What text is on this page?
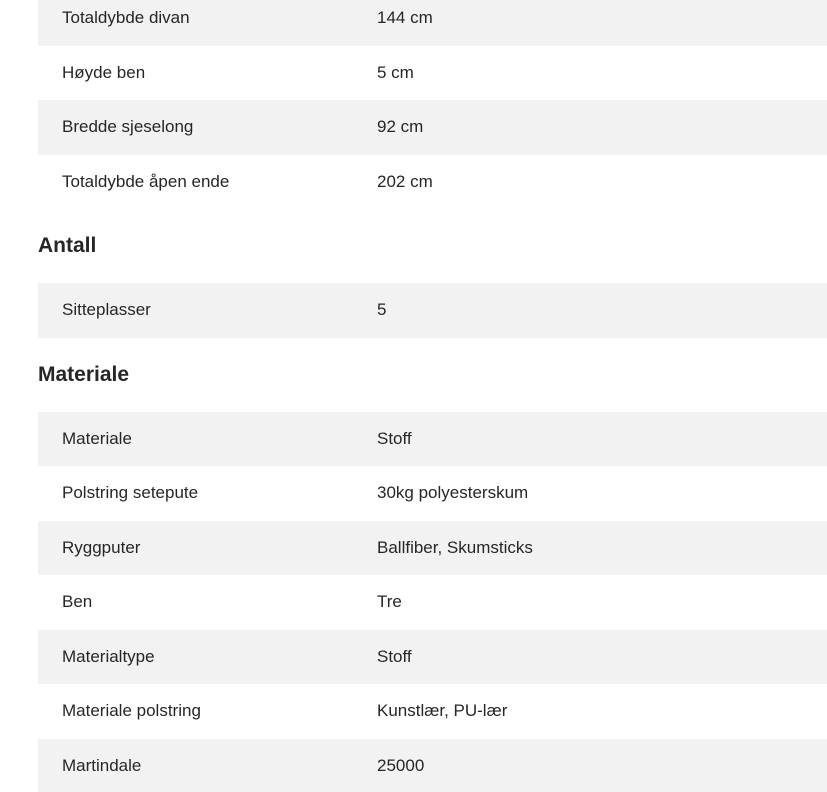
Totaldybde divan	144 cm
Høyde ben	5 cm
Bredde sjeselong	92 cm
Totaldybde åpen ende	202 cm
Antall
Sitteplasser	5
Materiale
Materiale	Stoff
Polstring setepute	30kg polyesterskum
Ryggputer	Ballfiber, Skumsticks
Ben	Tre
Materialtype	Stoff
Materiale polstring	Kunstlær, PU-lær
Martindale	25000
